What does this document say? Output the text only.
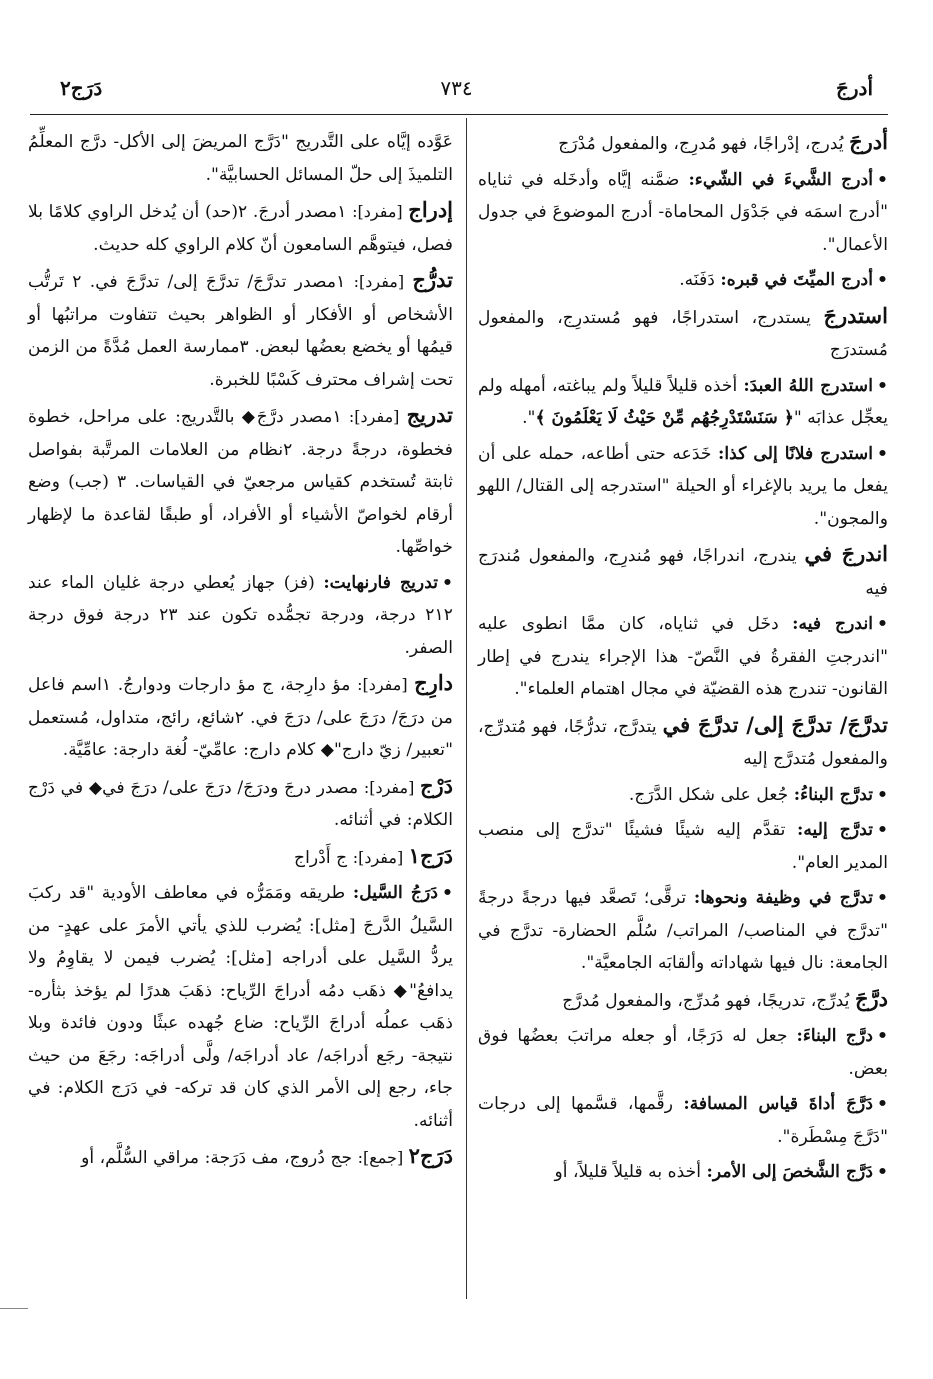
أدرجَ
٧٣٤
دَرَج٢

أدرجَ يُدرج، إدْراجًا، فهو مُدرِج، والمفعول مُدْرَج

•أدرج الشَّيءَ في الشّيء: ضمَّنه إيَّاه وأدخَله في ثناياه "أدرج اسمَه في جَدْوَل المحاماة- أدرج الموضوعَ في جدول الأعمال".

•أدرج الميِّتَ في قبره: دَفَنَه.

استدرجَ يستدرج، استدراجًا، فهو مُستدرِج، والمفعول مُستدرَج

•استدرج اللهُ العبدَ: أخذه قليلاً قليلاً ولم يباغته، أمهله ولم يعجِّل عذابَه "﴿ سَنَسْتَدْرِجُهُم مِّنْ حَيْثُ لَا يَعْلَمُونَ ﴾".

•استدرج فلانًا إلى كذا: خَدَعه حتى أطاعه، حمله على أن يفعل ما يريد بالإغراء أو الحيلة "استدرجه إلى القتال/ اللهو والمجون".

اندرجَ في يندرج، اندراجًا، فهو مُندرِج، والمفعول مُندرَج فيه

•اندرج فيه: دخَل في ثناياه، كان ممَّا انطوى عليه "اندرجتِ الفقرةُ في النَّصّ- هذا الإجراء يندرج في إطار القانون- تندرج هذه القضيّة في مجال اهتمام العلماء".

تدرَّجَ/ تدرَّجَ إلى/ تدرَّجَ في يتدرَّج، تدرُّجًا، فهو مُتدرِّج، والمفعول مُتدرَّج إليه

•تدرَّج البناءُ: جُعل على شكل الدَّرَج.

•تدرَّج إليه: تقدَّم إليه شيئًا فشيئًا "تدرَّج إلى منصب المدير العام".

•تدرَّج في وظيفة ونحوها: ترقَّى؛ تَصعَّد فيها درجةً درجةً "تدرَّج في المناصب/ المراتب/ سُلَّم الحضارة- تدرَّج في الجامعة: نال فيها شهاداته وألقابَه الجامعيَّة".

درَّجَ يُدرِّج، تدريجًا، فهو مُدرِّج، والمفعول مُدرَّج

•درَّج البناءَ: جعل له دَرَجًا، أو جعله مراتبَ بعضُها فوق بعض.

•دَرَّجَ أداةَ قياس المسافة: رقَّمها، قسَّمها إلى درجات "دَرَّجَ مِسْطَرة".

•دَرَّج الشَّخصَ إلى الأمر: أخذه به قليلاً قليلاً، أو

عَوَّده إيَّاه على التَّدريج "دَرَّج المريضَ إلى الأكل- درَّج المعلِّمُ التلميذَ إلى حلّ المسائل الحسابيَّة".

إدراج [مفرد]: ١مصدر أدرجَ. ٢(حد) أن يُدخل الراوي كلامًا بلا فصل، فيتوهَّم السامعون أنّ كلام الراوي كله حديث.

تدرُّج [مفرد]: ١مصدر تدرَّجَ/ تدرَّجَ إلى/ تدرَّجَ في. ٢ تَرتُّب الأشخاص أو الأفكار أو الظواهر بحيث تتفاوت مراتبُها أو قيمُها أو يخضع بعضُها لبعض. ٣ممارسة العمل مُدَّةً من الزمن تحت إشراف محترف كَسْبًا للخبرة.

تدريج [مفرد]: ١مصدر درَّجَ◆ بالتَّدريج: على مراحل، خطوة فخطوة، درجةً درجة. ٢نظام من العلامات المرتَّبة بفواصل ثابتة تُستخدم كقياس مرجعيّ في القياسات. ٣ (جب) وضع أرقام لخواصّ الأشياء أو الأفراد، أو طبقًا لقاعدة ما لإظهار خواصِّها.

•تدريج فارنهايت: (فز) جهاز يُعطي درجة غليان الماء عند ٢١٢ درجة، ودرجة تجمُّده تكون عند ٢٣ درجة فوق درجة الصفر.

دارِج [مفرد]: مؤ دارِجة، ج مؤ دارجات ودوارجُ. ١اسم فاعل من درَجَ/ درَجَ على/ درَجَ في. ٢شائع، رائج، متداول، مُستعمل "تعبير/ زيّ دارج"◆ كلام دارج: عامِّيّ- لُغة دارجة: عامِّيَّة.

دَرْج [مفرد]: مصدر درجَ ودرَجَ/ درَجَ على/ درَجَ في◆ في دَرْج الكلام: في أثنائه.

دَرَج١ [مفرد]: ج أَدْراج

•دَرَجُ السَّيل: طريقه ومَمَرُّه في معاطف الأودية "قد ركبَ السَّيلُ الدَّرجَ [مثل]: يُضرب للذي يأتي الأمرَ على عهدٍ- من يردُّ السَّيل على أدراجه [مثل]: يُضرب فيمن لا يقاوِمُ ولا يدافعُ"◆ ذهَب دمُه أدراجَ الرِّياح: ذهَبَ هدرًا لم يؤخذ بثأره- ذهَب عملُه أدراجَ الرِّياح: ضاع جُهده عبثًا ودون فائدة وبلا نتيجة- رجَع أدراجَه/ عاد أدراجَه/ ولَّى أدراجَه: رجَعَ من حيث جاء، رجع إلى الأمر الذي كان قد تركه- في دَرَج الكلام: في أثنائه.

دَرَج٢ [جمع]: جج دُروج، مف دَرَجة: مراقي السُّلَّم، أو
